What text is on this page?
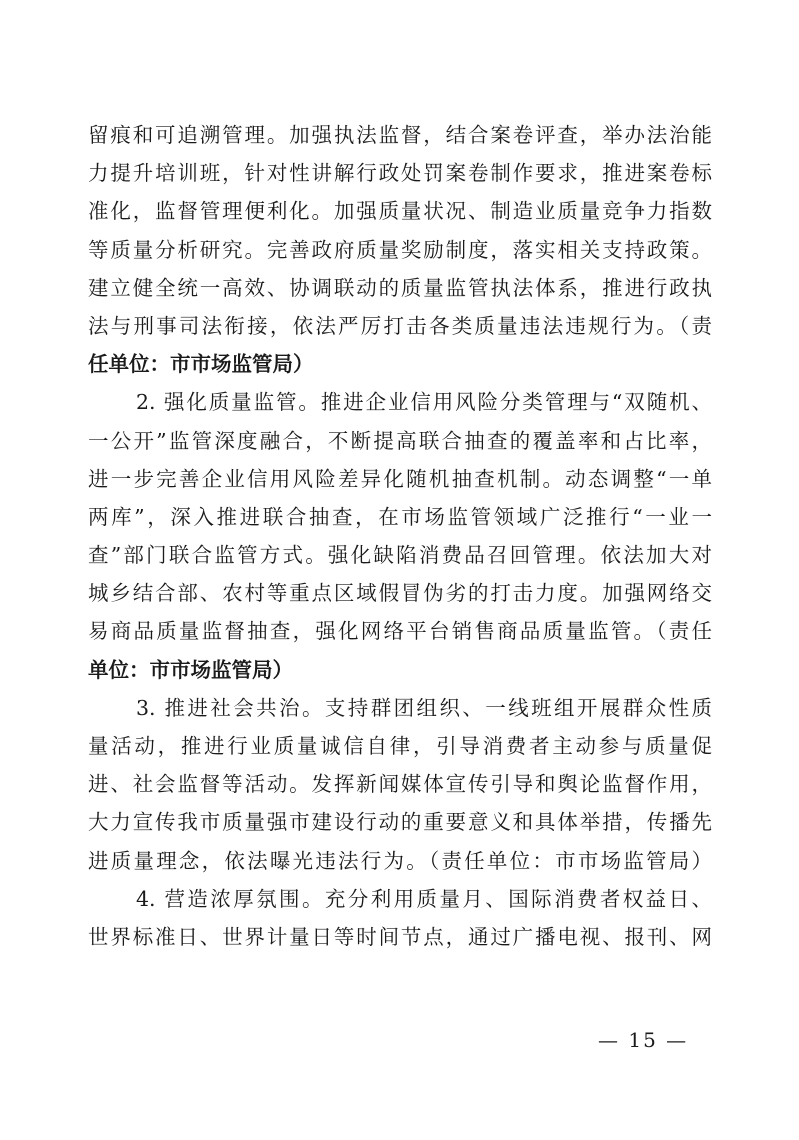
留痕和可追溯管理。加强执法监督，结合案卷评查，举办法治能
力提升培训班，针对性讲解行政处罚案卷制作要求，推进案卷标
准化，监督管理便利化。加强质量状况、制造业质量竞争力指数
等质量分析研究。完善政府质量奖励制度，落实相关支持政策。
建立健全统一高效、协调联动的质量监管执法体系，推进行政执
法与刑事司法衔接，依法严厉打击各类质量违法违规行为。（责
任单位：市市场监管局）
2. 强化质量监管。推进企业信用风险分类管理与“双随机、
一公开”监管深度融合，不断提高联合抽查的覆盖率和占比率，
进一步完善企业信用风险差异化随机抽查机制。动态调整“一单
两库”，深入推进联合抽查，在市场监管领域广泛推行“一业一
查”部门联合监管方式。强化缺陷消费品召回管理。依法加大对
城乡结合部、农村等重点区域假冒伪劣的打击力度。加强网络交
易商品质量监督抽查，强化网络平台销售商品质量监管。（责任
单位：市市场监管局）
3. 推进社会共治。支持群团组织、一线班组开展群众性质
量活动，推进行业质量诚信自律，引导消费者主动参与质量促
进、社会监督等活动。发挥新闻媒体宣传引导和舆论监督作用，
大力宣传我市质量强市建设行动的重要意义和具体举措，传播先
进质量理念，依法曝光违法行为。（责任单位：市市场监管局）
4. 营造浓厚氛围。充分利用质量月、国际消费者权益日、
世界标准日、世界计量日等时间节点，通过广播电视、报刊、网
— 15 —
